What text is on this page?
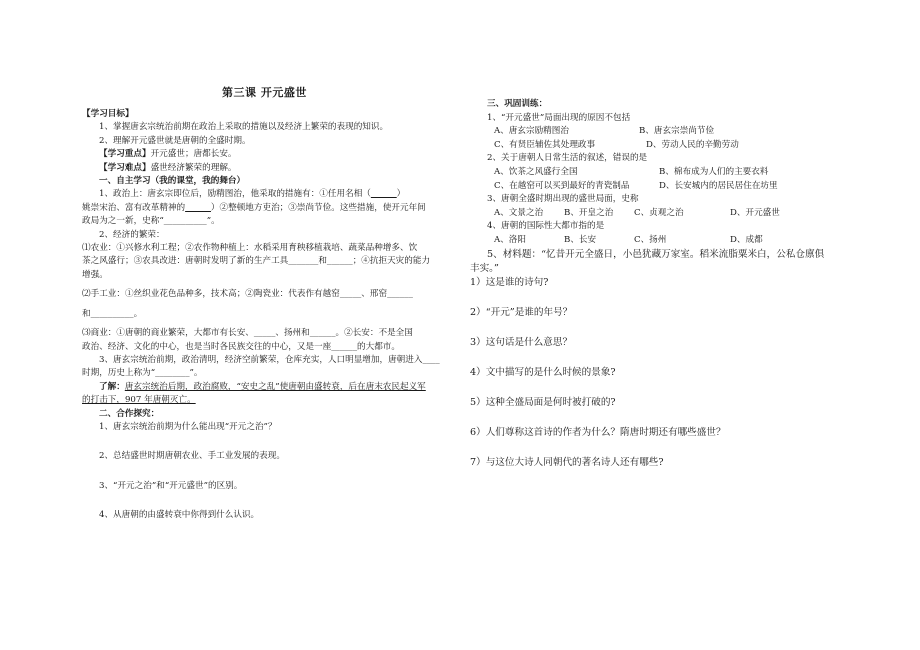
第三课 开元盛世
【学习目标】
1、掌握唐玄宗统治前期在政治上采取的措施以及经济上繁荣的表现的知识。
2、理解开元盛世就是唐朝的全盛时期。
【学习重点】开元盛世；唐都长安。
【学习难点】盛世经济繁荣的理解。
一、自主学习（我的课堂，我的舞台）
1、政治上：唐玄宗即位后，励精图治，他采取的措施有：①任用名相（______）
姚崇宋治、富有改革精神的______）②整顿地方吏治；③崇尚节俭。这些措施，使开元年间
政局为之一新，史称“__________”。
2、经济的繁荣：
⑴农业：①兴修水利工程；②农作物种植上：水稻采用育秧移植栽培、蔬菜品种增多、饮
茶之风盛行；③农具改进：唐朝时发明了新的生产工具_______和______；④抗拒天灾的能力
增强。
⑵手工业：①丝织业花色品种多，技术高；②陶瓷业：代表作有越窑_____、邢窑______
和__________。
⑶商业：①唐朝的商业繁荣，大都市有长安、_____、扬州和______。②长安：不是全国
政治、经济、文化的中心，也是当时各民族交往的中心，又是一座______的大都市。
3、唐玄宗统治前期，政治清明，经济空前繁荣，仓库充实，人口明显增加，唐朝进入____
时期，历史上称为“________”。
了解：唐玄宗统治后期，政治腐败，“安史之乱”使唐朝由盛转衰，后在唐末农民起义军
的打击下，907 年唐朝灭亡。
二、合作探究：
1、唐玄宗统治前期为什么能出现“开元之治”？
2、总结盛世时期唐朝农业、手工业发展的表现。
3、“开元之治”和“开元盛世”的区别。
4、从唐朝的由盛转衰中你得到什么认识。
三、巩固训练：
1、“开元盛世”局面出现的原因不包括
A、唐玄宗励精图治	B、唐玄宗崇尚节俭
C、有贤臣辅佐其处理政事	D、劳动人民的辛勤劳动
2、关于唐朝人日常生活的叙述，错误的是
A、饮茶之风盛行全国	B、棉布成为人们的主要衣料
C、在越窑可以买到最好的青瓷制品	D、长安城内的居民居住在坊里
3、唐朝全盛时期出现的盛世局面，史称
A、文景之治	B、开皇之治	C、贞观之治	D、开元盛世
4、唐朝的国际性大都市指的是
A、洛阳	B、长安	C、扬州	D、成都
5、材料题：“忆昔开元全盛日，小邑犹藏万家室。稻米流脂粟米白，公私仓廪俱
丰实。”
1）这是谁的诗句?
2）“开元”是谁的年号？
3）这句话是什么意思？
4）文中描写的是什么时候的景象?
5）这种全盛局面是何时被打破的?
6）人们尊称这首诗的作者为什么？隋唐时期还有哪些盛世？
7）与这位大诗人同朝代的著名诗人还有哪些?
